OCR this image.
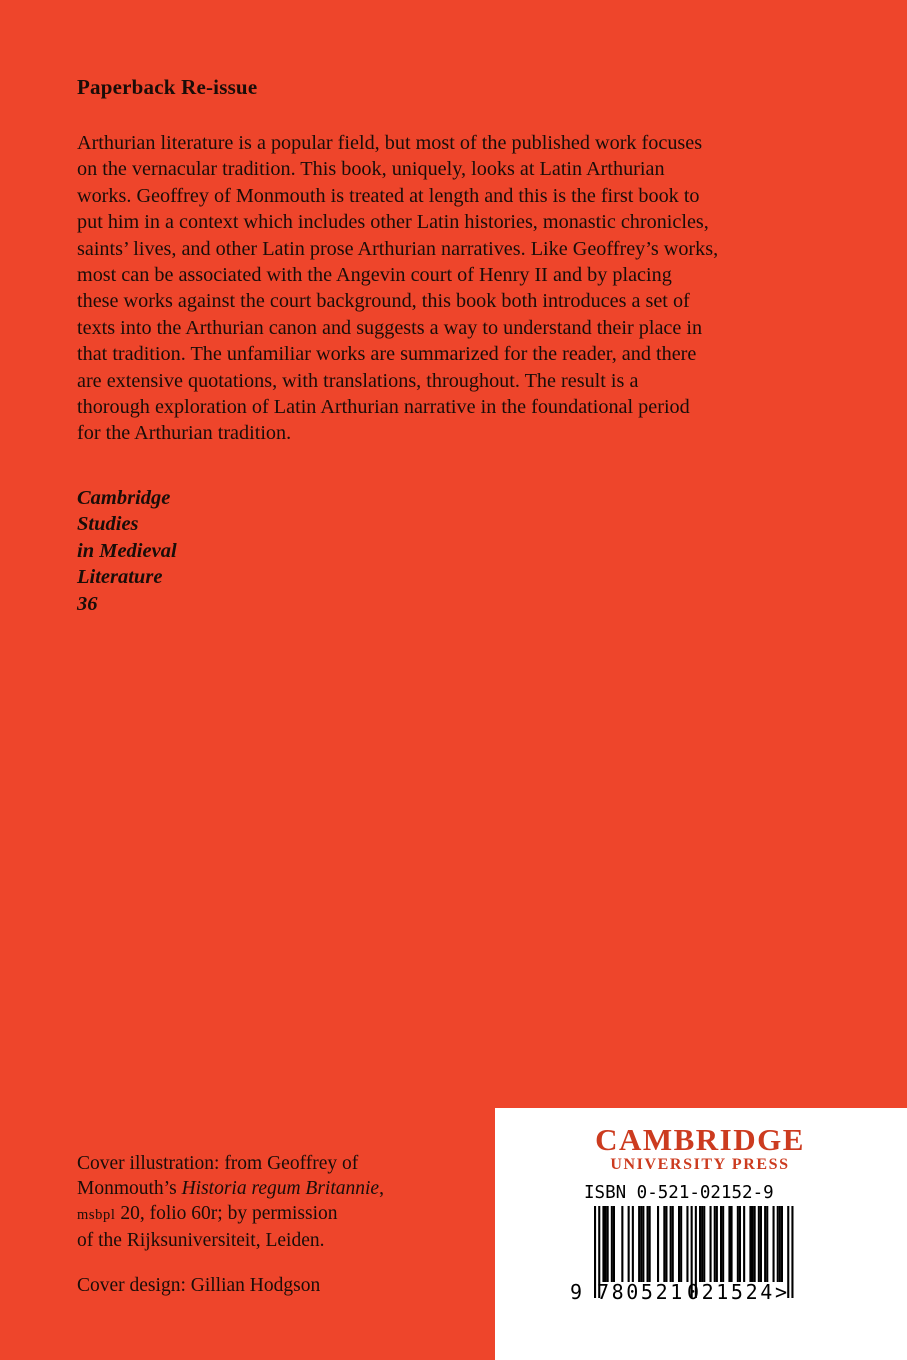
Paperback Re-issue
Arthurian literature is a popular field, but most of the published work focuses
on the vernacular tradition. This book, uniquely, looks at Latin Arthurian
works. Geoffrey of Monmouth is treated at length and this is the first book to
put him in a context which includes other Latin histories, monastic chronicles,
saints’ lives, and other Latin prose Arthurian narratives. Like Geoffrey’s works,
most can be associated with the Angevin court of Henry II and by placing
these works against the court background, this book both introduces a set of
texts into the Arthurian canon and suggests a way to understand their place in
that tradition. The unfamiliar works are summarized for the reader, and there
are extensive quotations, with translations, throughout. The result is a
thorough exploration of Latin Arthurian narrative in the foundational period
for the Arthurian tradition.
Cambridge
Studies
in Medieval
Literature
36
Cover illustration: from Geoffrey of
Monmouth’s Historia regum Britannie,
msbpl 20, folio 60r; by permission
of the Rijksuniversiteit, Leiden.
Cover design: Gillian Hodgson
CAMBRIDGE
UNIVERSITY PRESS
ISBN 0-521-02152-9
9 780521 021524 >
